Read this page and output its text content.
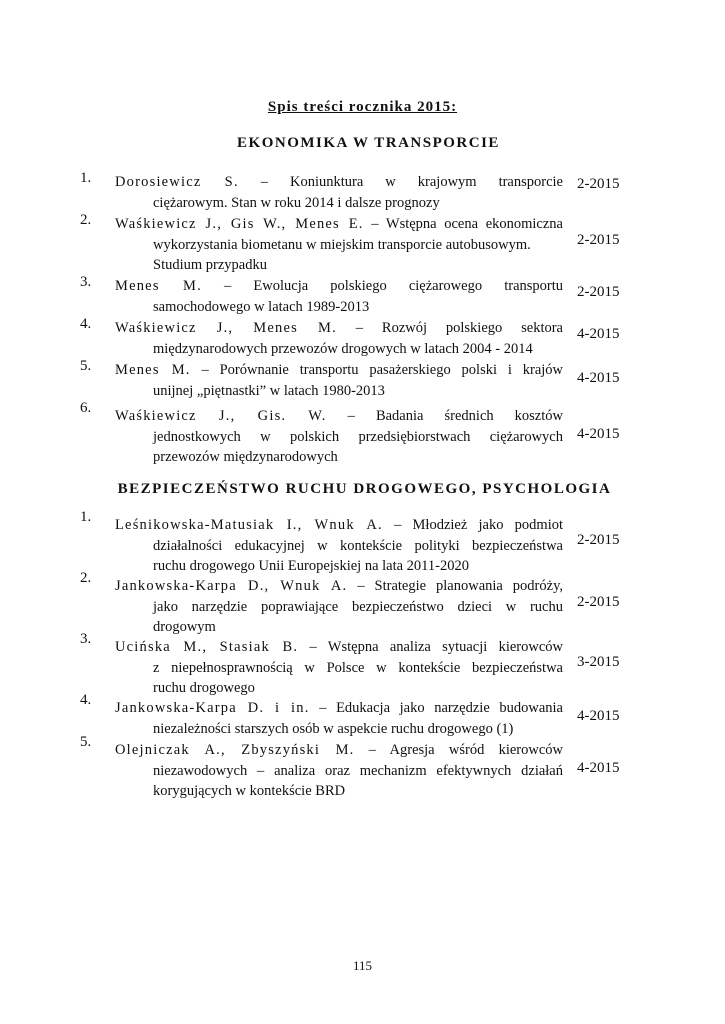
Spis treści rocznika 2015:
EKONOMIKA W TRANSPORCIE
1. Dorosiewicz S. – Koniunktura w krajowym transporcie
ciężarowym. Stan w roku 2014 i dalsze prognozy
2-2015
2. Waśkiewicz J., Gis W., Menes E. – Wstępna ocena ekonomiczna
wykorzystania biometanu w miejskim transporcie autobusowym.
Studium przypadku
2-2015
3. Menes M. – Ewolucja polskiego ciężarowego transportu
samochodowego w latach 1989-2013
2-2015
4. Waśkiewicz J., Menes M. – Rozwój polskiego sektora
międzynarodowych przewozów drogowych w latach 2004 - 2014
4-2015
5. Menes M. – Porównanie transportu pasażerskiego polski i krajów
unijnej „piętnastki” w latach 1980-2013
4-2015
6. Waśkiewicz J., Gis. W. – Badania średnich kosztów
jednostkowych w polskich przedsiębiorstwach ciężarowych
przewozów międzynarodowych
4-2015
BEZPIECZEŃSTWO RUCHU DROGOWEGO, PSYCHOLOGIA
1. Leśnikowska-Matusiak I., Wnuk A. – Młodzież jako podmiot
działalności edukacyjnej w kontekście polityki bezpieczeństwa
ruchu drogowego Unii Europejskiej na lata 2011-2020
2-2015
2. Jankowska-Karpa D., Wnuk A. – Strategie planowania podróży,
jako narzędzie poprawiające bezpieczeństwo dzieci w ruchu
drogowym
2-2015
3. Ucińska M., Stasiak B. – Wstępna analiza sytuacji kierowców
z niepełnosprawnością w Polsce w kontekście bezpieczeństwa
ruchu drogowego
3-2015
4. Jankowska-Karpa D. i in. – Edukacja jako narzędzie budowania
niezależności starszych osób w aspekcie ruchu drogowego (1)
4-2015
5. Olejniczak A., Zbyszyński M. – Agresja wśród kierowców
niezawodowych – analiza oraz mechanizm efektywnych działań
korygujących w kontekście BRD
4-2015
115
